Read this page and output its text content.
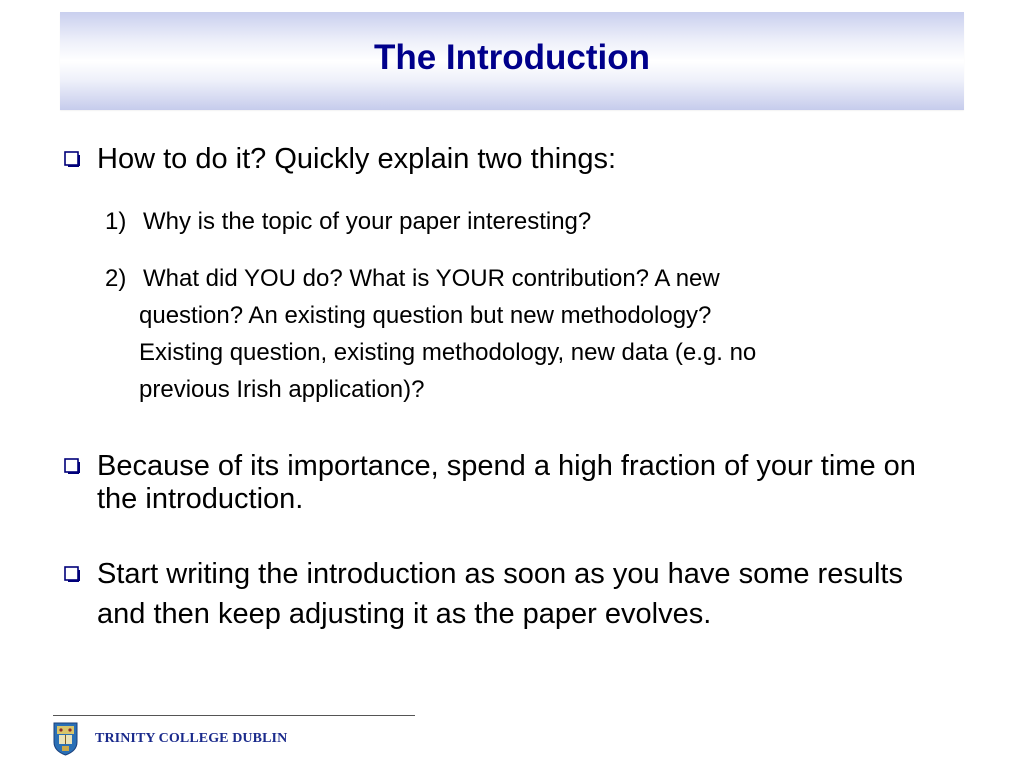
The Introduction
How to do it? Quickly explain two things:
1) Why is the topic of your paper interesting?
2) What did YOU do? What is YOUR contribution? A new
question? An existing question but new methodology?
Existing question, existing methodology, new data (e.g. no
previous Irish application)?
Because of its importance, spend a high fraction of your time on the introduction.
Start writing the introduction as soon as you have some results and then keep adjusting it as the paper evolves.
TRINITY COLLEGE DUBLIN
